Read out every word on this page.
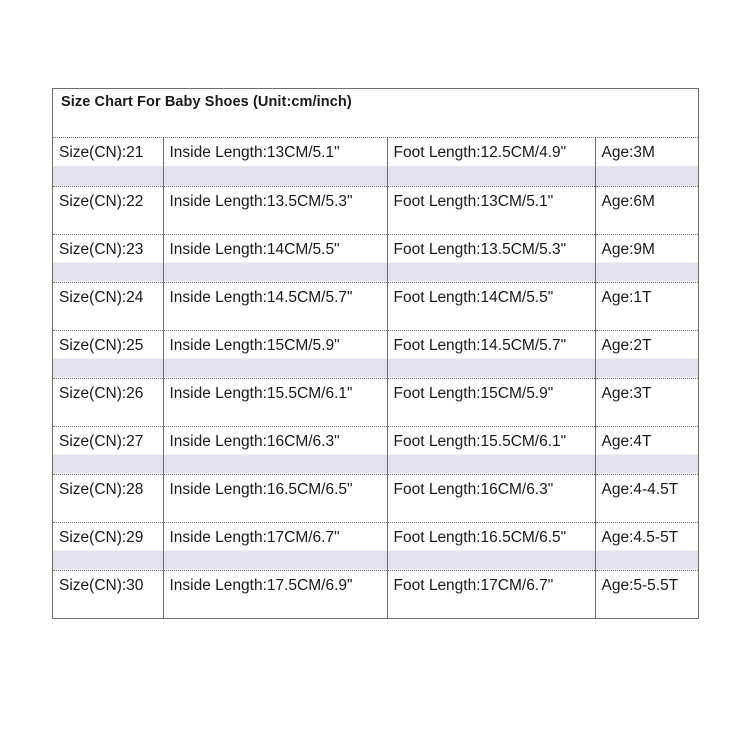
Size Chart For Baby Shoes (Unit:cm/inch)
Size(CN):21	Inside Length:13CM/5.1"	Foot Length:12.5CM/4.9"	Age:3M
Size(CN):22	Inside Length:13.5CM/5.3"	Foot Length:13CM/5.1"	Age:6M
Size(CN):23	Inside Length:14CM/5.5"	Foot Length:13.5CM/5.3"	Age:9M
Size(CN):24	Inside Length:14.5CM/5.7"	Foot Length:14CM/5.5"	Age:1T
Size(CN):25	Inside Length:15CM/5.9"	Foot Length:14.5CM/5.7"	Age:2T
Size(CN):26	Inside Length:15.5CM/6.1"	Foot Length:15CM/5.9"	Age:3T
Size(CN):27	Inside Length:16CM/6.3"	Foot Length:15.5CM/6.1"	Age:4T
Size(CN):28	Inside Length:16.5CM/6.5"	Foot Length:16CM/6.3"	Age:4-4.5T
Size(CN):29	Inside Length:17CM/6.7"	Foot Length:16.5CM/6.5"	Age:4.5-5T
Size(CN):30	Inside Length:17.5CM/6.9"	Foot Length:17CM/6.7"	Age:5-5.5T
